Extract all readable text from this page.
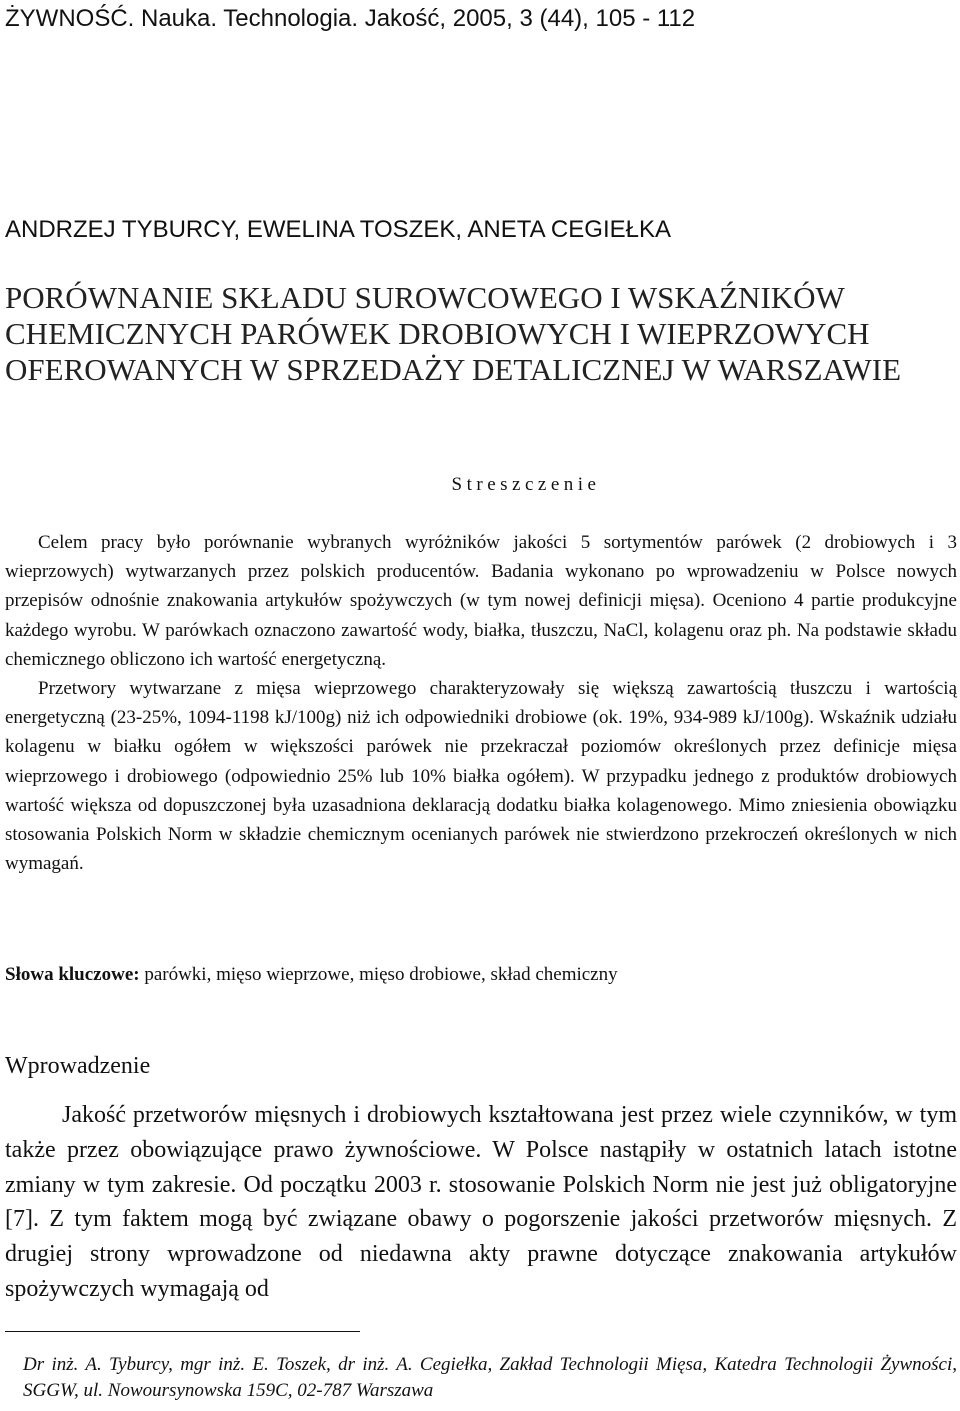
ŻYWNOŚĆ. Nauka. Technologia. Jakość, 2005, 3 (44), 105 - 112
ANDRZEJ TYBURCY, EWELINA TOSZEK, ANETA CEGIEŁKA
PORÓWNANIE SKŁADU SUROWCOWEGO I WSKAŹNIKÓW
CHEMICZNYCH PARÓWEK DROBIOWYCH I WIEPRZOWYCH
OFEROWANYCH W SPRZEDAŻY DETALICZNEJ W WARSZAWIE
Streszczenie

Celem pracy było porównanie wybranych wyróżników jakości 5 sortymentów parówek (2 drobiowych i 3 wieprzowych) wytwarzanych przez polskich producentów. Badania wykonano po wprowadzeniu w Polsce nowych przepisów odnośnie znakowania artykułów spożywczych (w tym nowej definicji mięsa). Oceniono 4 partie produkcyjne każdego wyrobu. W parówkach oznaczono zawartość wody, białka, tłuszczu, NaCl, kolagenu oraz ph. Na podstawie składu chemicznego obliczono ich wartość energetyczną.

Przetwory wytwarzane z mięsa wieprzowego charakteryzowały się większą zawartością tłuszczu i wartością energetyczną (23-25%, 1094-1198 kJ/100g) niż ich odpowiedniki drobiowe (ok. 19%, 934-989 kJ/100g). Wskaźnik udziału kolagenu w białku ogółem w większości parówek nie przekraczał poziomów określonych przez definicje mięsa wieprzowego i drobiowego (odpowiednio 25% lub 10% białka ogółem). W przypadku jednego z produktów drobiowych wartość większa od dopuszczonej była uzasadniona deklaracją dodatku białka kolagenowego. Mimo zniesienia obowiązku stosowania Polskich Norm w składzie chemicznym ocenianych parówek nie stwierdzono przekroczeń określonych w nich wymagań.

Słowa kluczowe: parówki, mięso wieprzowe, mięso drobiowe, skład chemiczny
Wprowadzenie
Jakość przetworów mięsnych i drobiowych kształtowana jest przez wiele czynników, w tym także przez obowiązujące prawo żywnościowe. W Polsce nastąpiły w ostatnich latach istotne zmiany w tym zakresie. Od początku 2003 r. stosowanie Polskich Norm nie jest już obligatoryjne [7]. Z tym faktem mogą być związane obawy o pogorszenie jakości przetworów mięsnych. Z drugiej strony wprowadzone od niedawna akty prawne dotyczące znakowania artykułów spożywczych wymagają od
Dr inż. A. Tyburcy, mgr inż. E. Toszek, dr inż. A. Cegiełka, Zakład Technologii Mięsa, Katedra Technologii Żywności, SGGW, ul. Nowoursynowska 159C, 02-787 Warszawa
